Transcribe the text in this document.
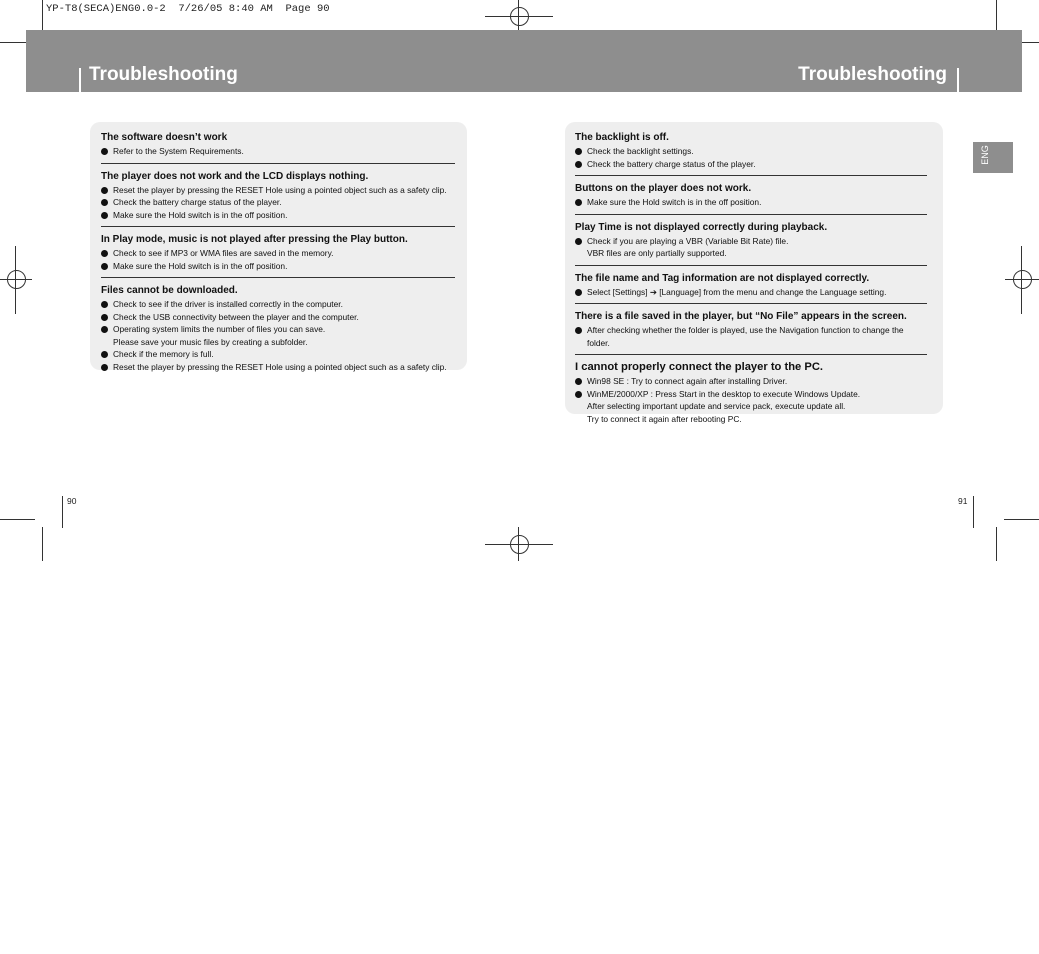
YP-T8(SECA)ENG0.0-2  7/26/05 8:40 AM  Page 90
Troubleshooting	Troubleshooting
ENG
The software doesn’t work
Refer to the System Requirements.
The player does not work and the LCD displays nothing.
Reset the player by pressing the RESET Hole using a pointed object such as a safety clip.
Check the battery charge status of the player.
Make sure the Hold switch is in the off position.
In Play mode, music is not played after pressing the Play button.
Check to see if MP3 or WMA files are saved in the memory.
Make sure the Hold switch is in the off position.
Files cannot be downloaded.
Check to see if the driver is installed correctly in the computer.
Check the USB connectivity between the player and the computer.
Operating system limits the number of files you can save.
Please save your music files by creating a subfolder.
Check if the memory is full.
Reset the player by pressing the RESET Hole using a pointed object such as a safety clip.
The backlight is off.
Check the backlight settings.
Check the battery charge status of the player.
Buttons on the player does not work.
Make sure the Hold switch is in the off position.
Play Time is not displayed correctly during playback.
Check if you are playing a VBR (Variable Bit Rate) file.
VBR files are only partially supported.
The file name and Tag information are not displayed correctly.
Select [Settings] ➔ [Language] from the menu and change the Language setting.
There is a file saved in the player, but “No File” appears in the screen.
After checking whether the folder is played, use the Navigation function to change the folder.
I cannot properly connect the player to the PC.
Win98 SE : Try to connect again after installing Driver.
WinME/2000/XP : Press Start in the desktop to execute Windows Update.
After selecting important update and service pack, execute update all.
Try to connect it again after rebooting PC.
90	91
